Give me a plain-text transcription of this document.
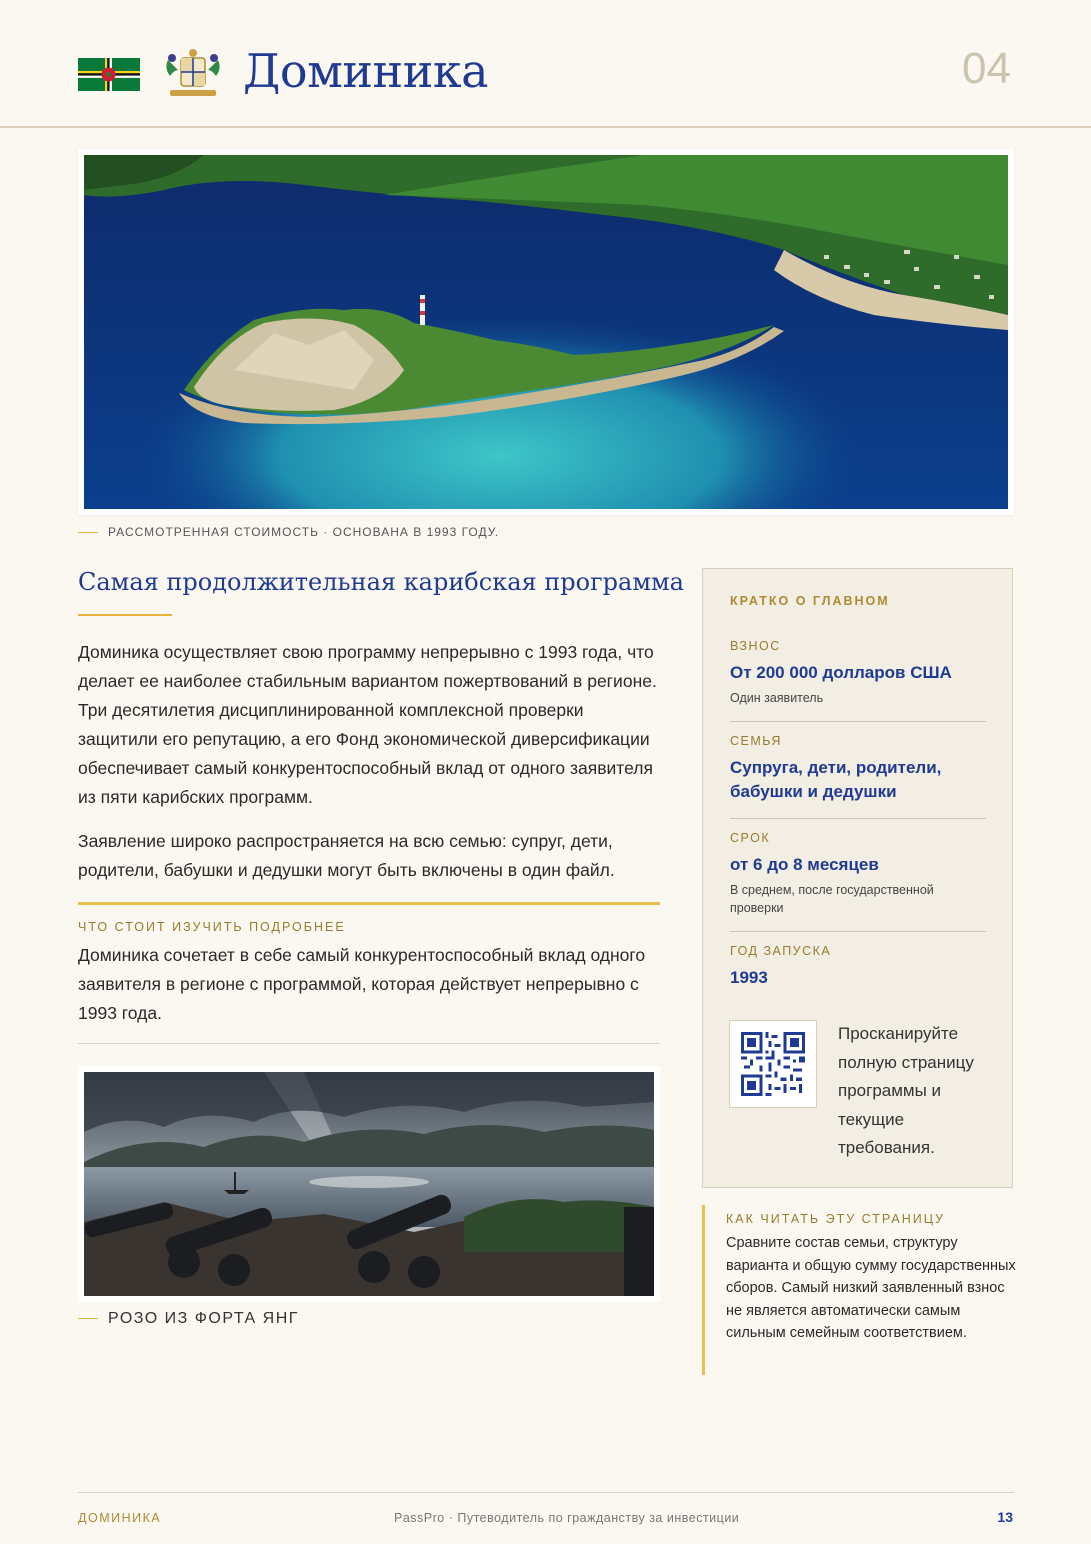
Доминика	04
РАССМОТРЕННАЯ СТОИМОСТЬ · ОСНОВАНА В 1993 ГОДУ.
Самая продолжительная карибская программа
Доминика осуществляет свою программу непрерывно с 1993 года, что делает ее наиболее стабильным вариантом пожертвований в регионе. Три десятилетия дисциплинированной комплексной проверки защитили его репутацию, а его Фонд экономической диверсификации обеспечивает самый конкурентоспособный вклад от одного заявителя из пяти карибских программ.
Заявление широко распространяется на всю семью: супруг, дети, родители, бабушки и дедушки могут быть включены в один файл.
ЧТО СТОИТ ИЗУЧИТЬ ПОДРОБНЕЕ
Доминика сочетает в себе самый конкурентоспособный вклад одного заявителя в регионе с программой, которая действует непрерывно с 1993 года.
РОЗО ИЗ ФОРТА ЯНГ
КРАТКО О ГЛАВНОМ
ВЗНОС
От 200 000 долларов США
Один заявитель
СЕМЬЯ
Супруга, дети, родители, бабушки и дедушки
СРОК
от 6 до 8 месяцев
В среднем, после государственной проверки
ГОД ЗАПУСКА
1993
Просканируйте полную страницу программы и текущие требования.
КАК ЧИТАТЬ ЭТУ СТРАНИЦУ
Сравните состав семьи, структуру варианта и общую сумму государственных сборов. Самый низкий заявленный взнос не является автоматически самым сильным семейным соответствием.
ДОМИНИКА	PassPro · Путеводитель по гражданству за инвестиции	13
